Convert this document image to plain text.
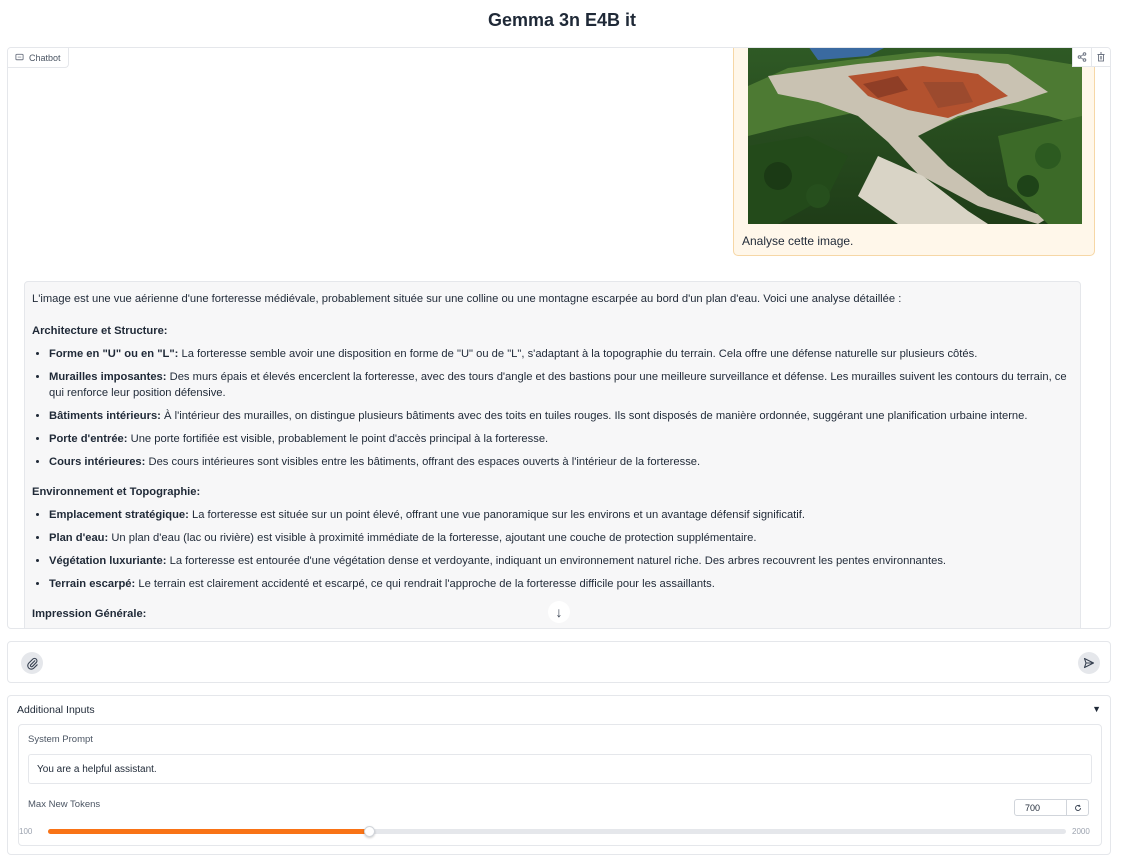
Gemma 3n E4B it
Chatbot
Analyse cette image.

L'image est une vue aérienne d'une forteresse médiévale, probablement située sur une colline ou une montagne escarpée au bord d'un plan d'eau. Voici une analyse détaillée :

Architecture et Structure:
• Forme en "U" ou en "L": La forteresse semble avoir une disposition en forme de "U" ou de "L", s'adaptant à la topographie du terrain. Cela offre une défense naturelle sur plusieurs côtés.
• Murailles imposantes: Des murs épais et élevés encerclent la forteresse, avec des tours d'angle et des bastions pour une meilleure surveillance et défense. Les murailles suivent les contours du terrain, ce qui renforce leur position défensive.
• Bâtiments intérieurs: À l'intérieur des murailles, on distingue plusieurs bâtiments avec des toits en tuiles rouges. Ils sont disposés de manière ordonnée, suggérant une planification urbaine interne.
• Porte d'entrée: Une porte fortifiée est visible, probablement le point d'accès principal à la forteresse.
• Cours intérieures: Des cours intérieures sont visibles entre les bâtiments, offrant des espaces ouverts à l'intérieur de la forteresse.
Environnement et Topographie:
• Emplacement stratégique: La forteresse est située sur un point élevé, offrant une vue panoramique sur les environs et un avantage défensif significatif.
• Plan d'eau: Un plan d'eau (lac ou rivière) est visible à proximité immédiate de la forteresse, ajoutant une couche de protection supplémentaire.
• Végétation luxuriante: La forteresse est entourée d'une végétation dense et verdoyante, indiquant un environnement naturel riche. Des arbres recouvrent les pentes environnantes.
• Terrain escarpé: Le terrain est clairement accidenté et escarpé, ce qui rendrait l'approche de la forteresse difficile pour les assaillants.
Impression Générale:	↓
Additional Inputs	▼
System Prompt
You are a helpful assistant.
Max New Tokens
700
100	2000
